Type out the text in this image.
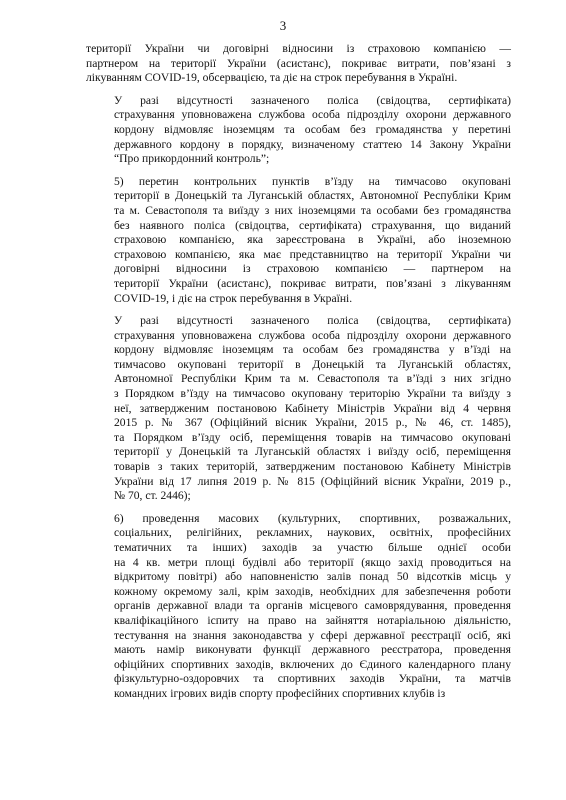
3

території України чи договірні відносини із страховою компанією —
партнером на території України (асистанс), покриває витрати, пов’язані з
лікуванням COVID-19, обсервацією, та діє на строк перебування в Україні.

У разі відсутності зазначеного полiса (свідоцтва, сертифіката)
страхування уповноважена службова особа підрозділу охорони державного
кордону відмовляє іноземцям та особам без громадянства у перетині
державного кордону в порядку, визначеному статтею 14 Закону України
“Про прикордонний контроль”;

5) перетин контрольних пунктів в’їзду на тимчасово окуповані
території в Донецькій та Луганській областях, Автономної Республіки Крим
та м. Севастополя та виїзду з них іноземцями та особами без громадянства
без наявного полiса (свідоцтва, сертифіката) страхування, що виданий
страховою компанією, яка зареєстрована в Україні, або іноземною
страховою компанією, яка має представництво на території України чи
договірні відносини із страховою компанією — партнером на
території України (асистанс), покриває витрати, пов’язані з лікуванням
COVID-19, і діє на строк перебування в Україні.

У разі відсутності зазначеного полiса (свідоцтва, сертифіката)
страхування уповноважена службова особа підрозділу охорони державного
кордону відмовляє іноземцям та особам без громадянства у в’їзді на
тимчасово окуповані території в Донецькій та Луганській областях,
Автономної Республіки Крим та м. Севастополя та в’їзді з них згідно
з Порядком в’їзду на тимчасово окуповану територію України та виїзду з
неї, затвердженим постановою Кабінету Міністрів України від 4 червня
2015 р. № 367 (Офіційний вісник України, 2015 р., № 46, ст. 1485),
та Порядком в’їзду осіб, переміщення товарів на тимчасово окуповані
території у Донецькій та Луганській областях і виїзду осіб, переміщення
товарів з таких територій, затвердженим постановою Кабінету Міністрів
України від 17 липня 2019 р. № 815 (Офіційний вісник України, 2019 р.,
№ 70, ст. 2446);

6) проведення масових (культурних, спортивних, розважальних,
соціальних, релігійних, рекламних, наукових, освітніх, професійних
тематичних та інших) заходів за участю більше однієї особи
на 4 кв. метри площі будівлі або території (якщо захід проводиться на
відкритому повітрі) або наповненістю залів понад 50 відсотків місць у
кожному окремому залі, крім заходів, необхідних для забезпечення роботи
органів державної влади та органів місцевого самоврядування, проведення
кваліфікаційного іспиту на право на зайняття нотаріальною діяльністю,
тестування на знання законодавства у сфері державної реєстрації осіб, які
мають намір виконувати функції державного реєстратора, проведення
офіційних спортивних заходів, включених до Єдиного календарного плану
фізкультурно-оздоровчих та спортивних заходів України, та матчів
командних ігрових видів спорту професійних спортивних клубів із
